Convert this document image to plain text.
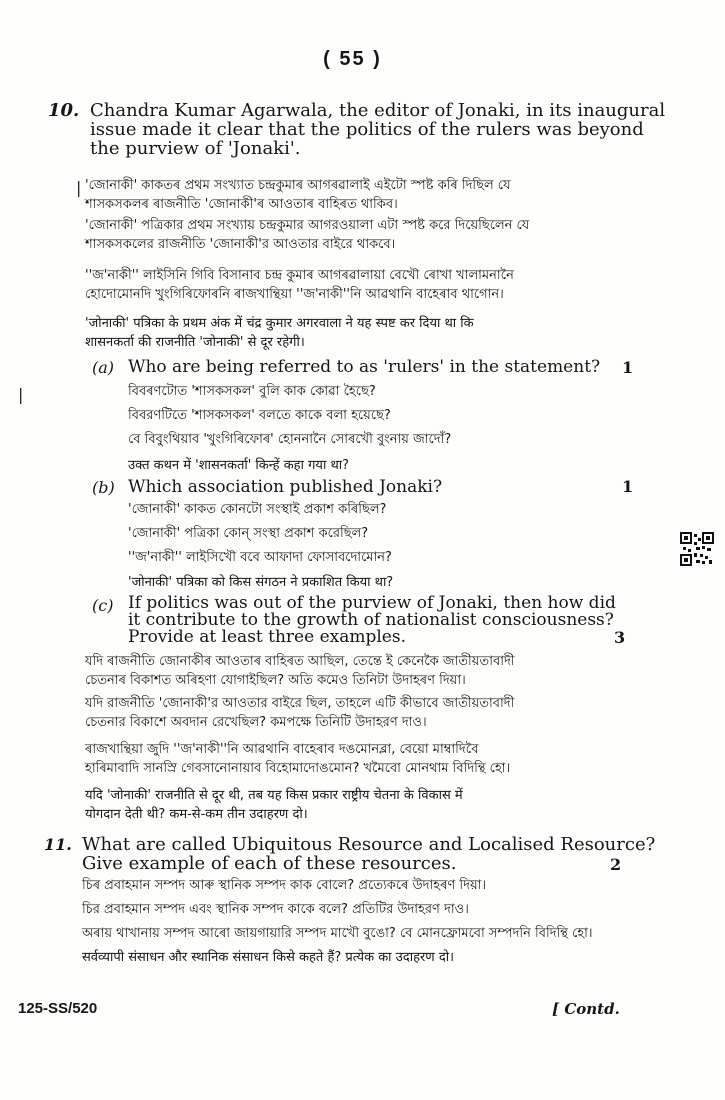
( 55 )
10. Chandra Kumar Agarwala, the editor of Jonaki, in its inaugural
issue made it clear that the politics of the rulers was beyond
the purview of 'Jonaki'.
| 'জোনাকী' কাকতৰ প্ৰথম সংখ্যাত চন্দ্ৰকুমাৰ আগৰৱালাই এইটো স্পষ্ট কৰি দিছিল যে
শাসকসকলৰ ৰাজনীতি 'জোনাকী'ৰ আওতাৰ বাহিৰত থাকিব।
'জোনাকী' পত্রিকার প্রথম সংখ্যায় চন্দ্রকুমার আগরওয়ালা এটা স্পষ্ট করে দিয়েছিলেন যে
শাসকসকলের রাজনীতি 'জোনাকী'র আওতার বাইরে থাকবে।
''জ'নাকী'' লাইসিনি গিবি বিসানাব চন্দ্ৰ কুমাৰ আগৰৱালায়া বেখৌ ৰোখা খালামনানৈ
হোদোমোনদি খুংগিৰিফোৰনি ৰাজখান্থিয়া ''জ'নাকী''নি আৱথানি বাহেৰাব থাগোন।
'जोनाकी' पत्रिका के प्रथम अंक में चंद्र कुमार अगरवाला ने यह स्पष्ट कर दिया था कि
शासनकर्ता की राजनीति 'जोनाकी' से दूर रहेगी।
(a) Who are being referred to as 'rulers' in the statement? 1
বিবৰণটোত 'শাসকসকল' বুলি কাক কোৱা হৈছে?
বিবরণটিতে 'শাসকসকল' বলতে কাকে বলা হয়েছে?
বে বিবুংথিয়াব 'খুংগিৰিফোৰ' হোননানৈ সোৰখৌ বুংনায় জাদোঁ?
उक्त कथन में 'शासनकर्ता' किन्हें कहा गया था?
|
(b) Which association published Jonaki?	1
'জোনাকী' কাকত কোনটো সংস্থাই প্ৰকাশ কৰিছিল?
'জোনাকী' পত্রিকা কোন্ সংস্থা প্রকাশ করেছিল?
''জ'নাকী'' লাইসিখৌ ববে আফাদা ফোসাবদোমোন?
'जोनाकी' पत्रिका को किस संगठन ने प्रकाशित किया था?
(c) If politics was out of the purview of Jonaki, then how did
it contribute to the growth of nationalist consciousness?
Provide at least three examples.	3
যদি ৰাজনীতি জোনাকীৰ আওতাৰ বাহিৰত আছিল, তেন্তে ই কেনেকৈ জাতীয়তাবাদী
চেতনাৰ বিকাশত অৰিহণা যোগাইছিল? অতি কমেও তিনিটা উদাহৰণ দিয়া।
যদি রাজনীতি 'জোনাকী'র আওতার বাইরে ছিল, তাহলে এটি কীভাবে জাতীয়তাবাদী
চেতনার বিকাশে অবদান রেখেছিল? কমপক্ষে তিনিটি উদাহরণ দাও।
ৰাজখান্থিয়া জুদি ''জ'নাকী''নি আৱথানি বাহেৰাব দঙমোনব্লা, বেয়ো মাম্বাদিবৈ
হাৰিমাবাদি সানস্রি গেবসানোনায়াব বিহোমাদোঙমোন? খমৈবো মোনথাম বিদিন্থি হো।
यदि 'जोनाकी' राजनीति से दूर थी, तब यह किस प्रकार राष्ट्रीय चेतना के विकास में
योगदान देती थी? कम-से-कम तीन उदाहरण दो।
11. What are called Ubiquitous Resource and Localised Resource?
Give example of each of these resources.	2
চিৰ প্ৰবাহমান সম্পদ আৰু স্থানিক সম্পদ কাক বোলে? প্ৰত্যেকৰে উদাহৰণ দিয়া।
চির প্রবাহমান সম্পদ এবং স্থানিক সম্পদ কাকে বলে? প্রতিটির উদাহরণ দাও।
অৰায় থাখানায় সম্পদ আৰো জায়গায়ারি সম্পদ মাখৌ বুঙো? বে মোনফ্ৰোমবো সম্পদনি বিদিন্থি হো।
सर्वव्यापी संसाधन और स्थानिक संसाधन किसे कहते हैं? प्रत्येक का उदाहरण दो।
125-SS/520	[ Contd.
